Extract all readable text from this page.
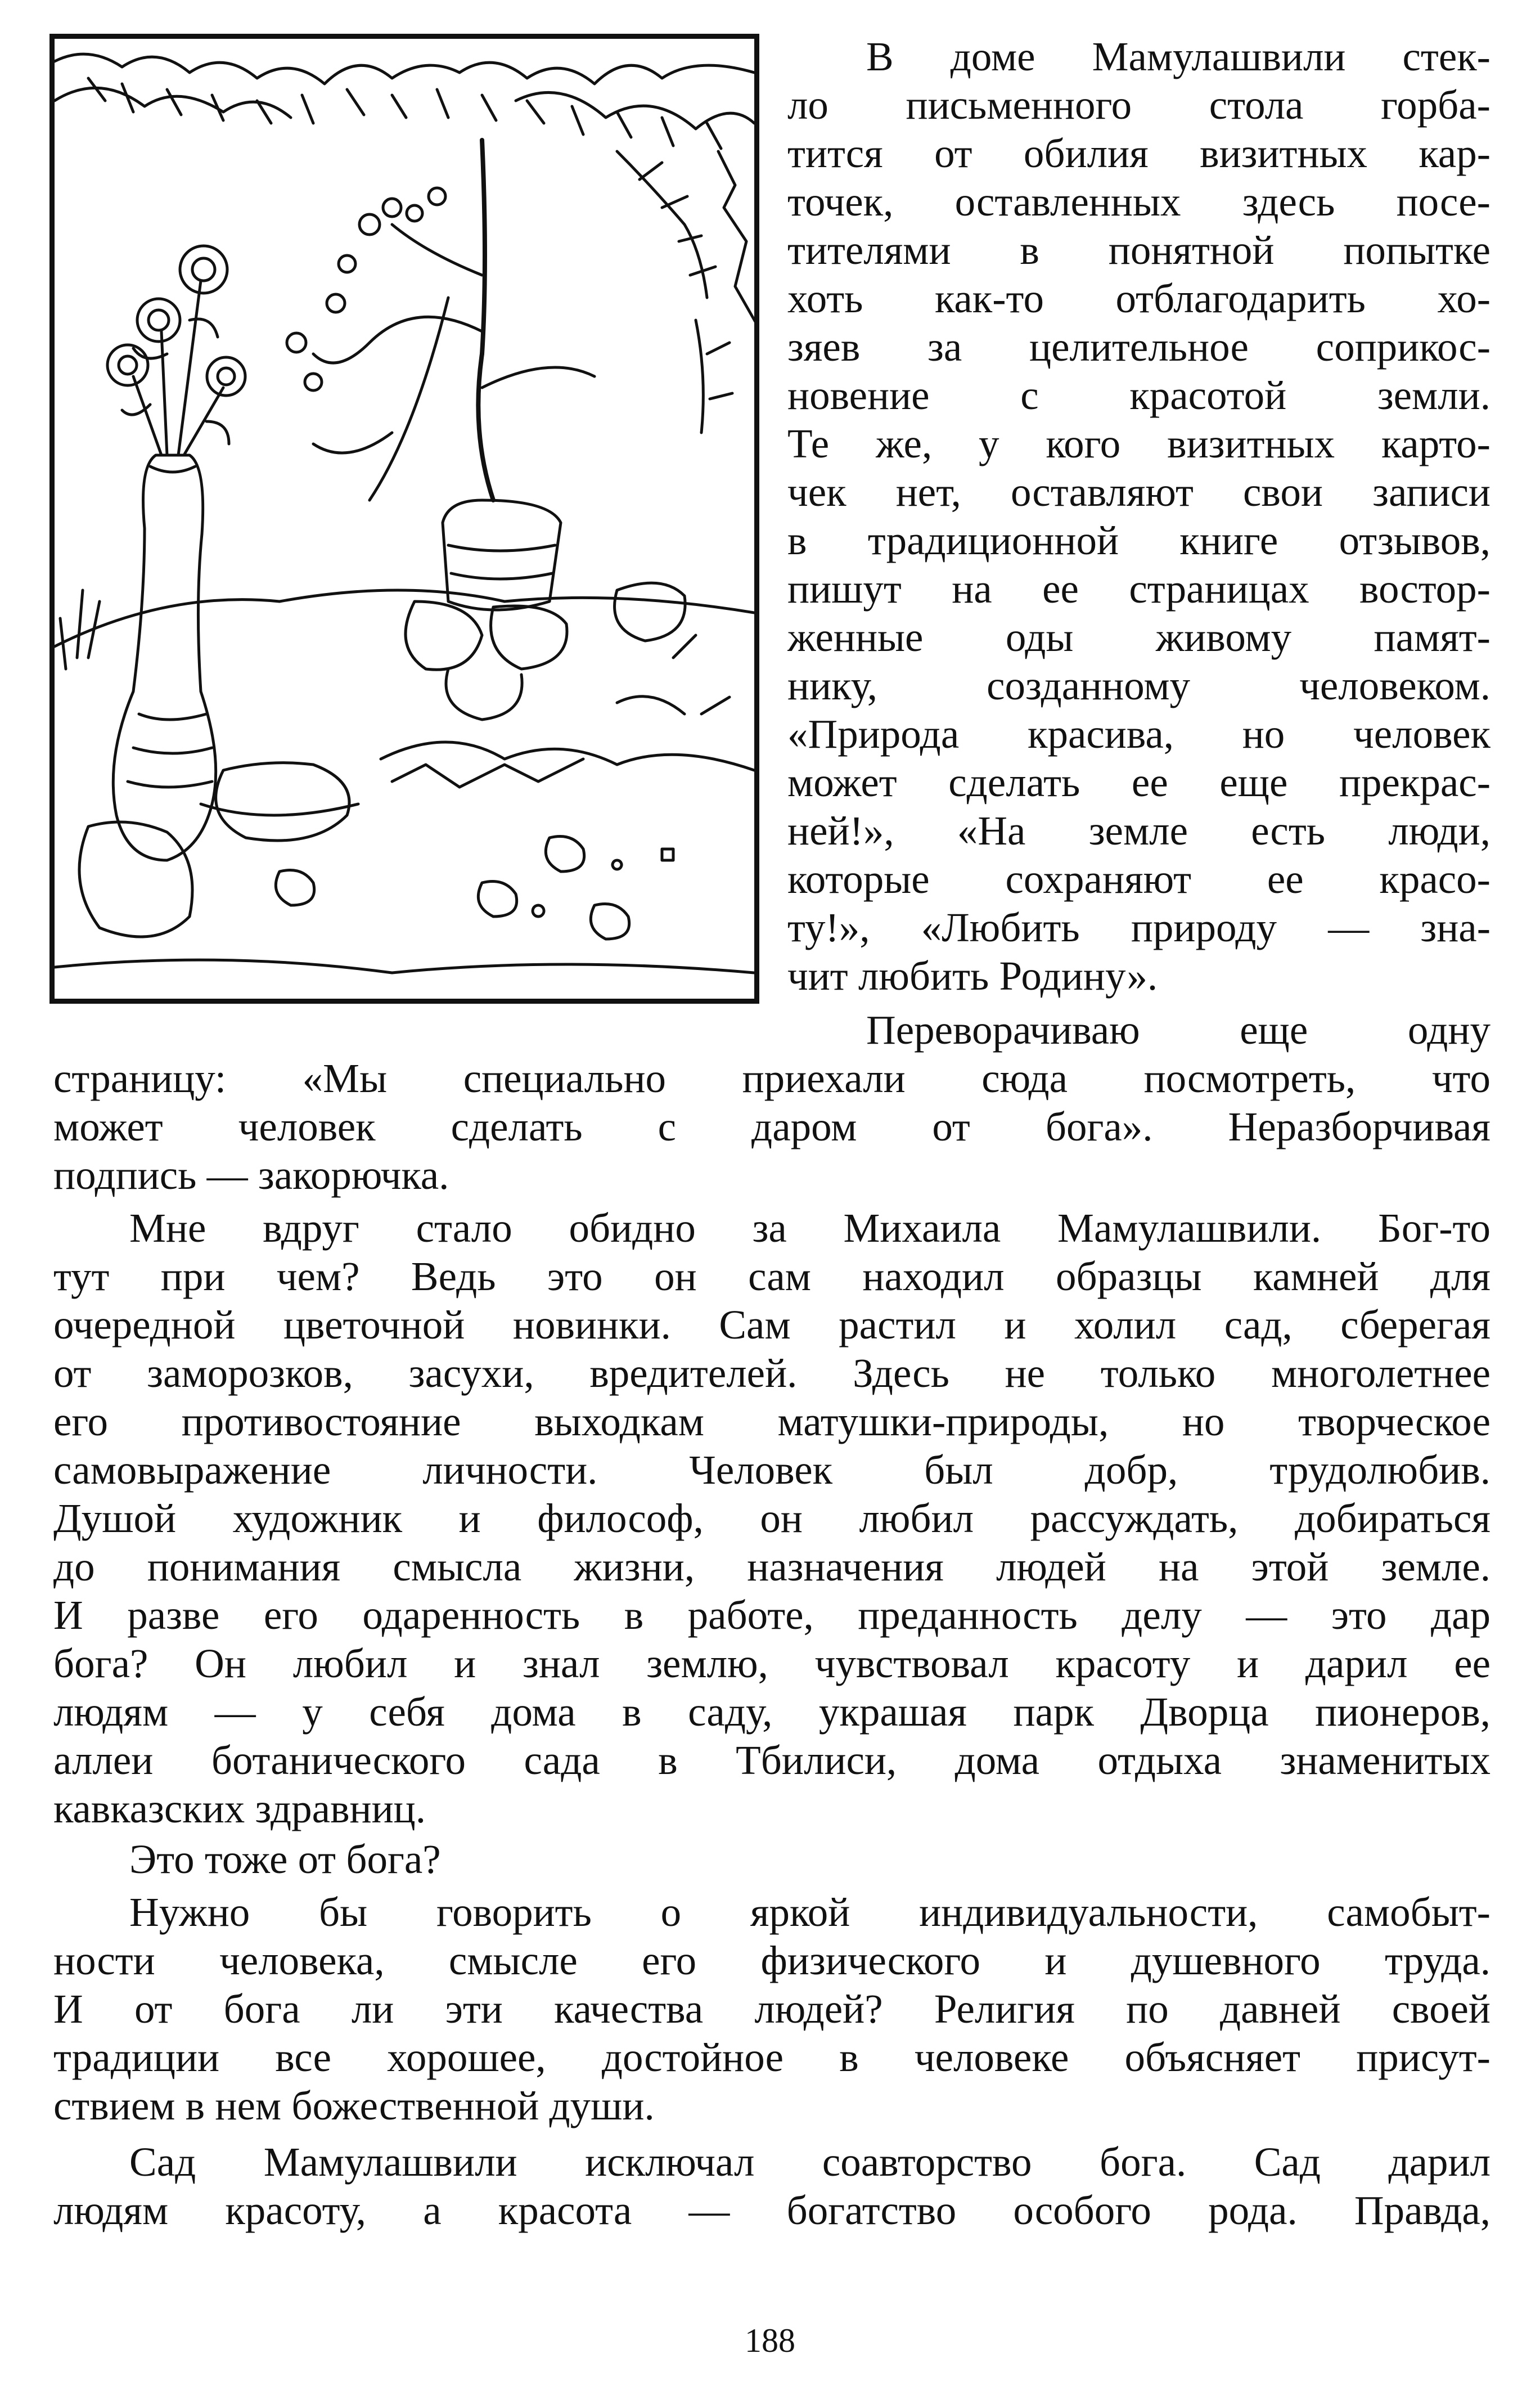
В доме Мамулашвили стек-
ло письменного стола горба-
тится от обилия визитных кар-
точек, оставленных здесь посе-
тителями в понятной попытке
хоть как-то отблагодарить хо-
зяев за целительное соприкос-
новение с красотой земли.
Те же, у кого визитных карто-
чек нет, оставляют свои записи
в традиционной книге отзывов,
пишут на ее страницах востор-
женные оды живому памят-
нику, созданному человеком.
«Природа красива, но человек
может сделать ее еще прекрас-
ней!», «На земле есть люди,
которые сохраняют ее красо-
ту!», «Любить природу — зна-
чит любить Родину».
Переворачиваю еще одну
страницу: «Мы специально приехали сюда посмотреть, что
может человек сделать с даром от бога». Неразборчивая
подпись — закорючка.
Мне вдруг стало обидно за Михаила Мамулашвили. Бог-то
тут при чем? Ведь это он сам находил образцы камней для
очередной цветочной новинки. Сам растил и холил сад, сберегая
от заморозков, засухи, вредителей. Здесь не только многолетнее
его противостояние выходкам матушки-природы, но творческое
самовыражение личности. Человек был добр, трудолюбив.
Душой художник и философ, он любил рассуждать, добираться
до понимания смысла жизни, назначения людей на этой земле.
И разве его одаренность в работе, преданность делу — это дар
бога? Он любил и знал землю, чувствовал красоту и дарил ее
людям — у себя дома в саду, украшая парк Дворца пионеров,
аллеи ботанического сада в Тбилиси, дома отдыха знаменитых
кавказских здравниц.
Это тоже от бога?
Нужно бы говорить о яркой индивидуальности, самобыт-
ности человека, смысле его физического и душевного труда.
И от бога ли эти качества людей? Религия по давней своей
традиции все хорошее, достойное в человеке объясняет присут-
ствием в нем божественной души.
Сад Мамулашвили исключал соавторство бога. Сад дарил
людям красоту, а красота — богатство особого рода. Правда,
188
